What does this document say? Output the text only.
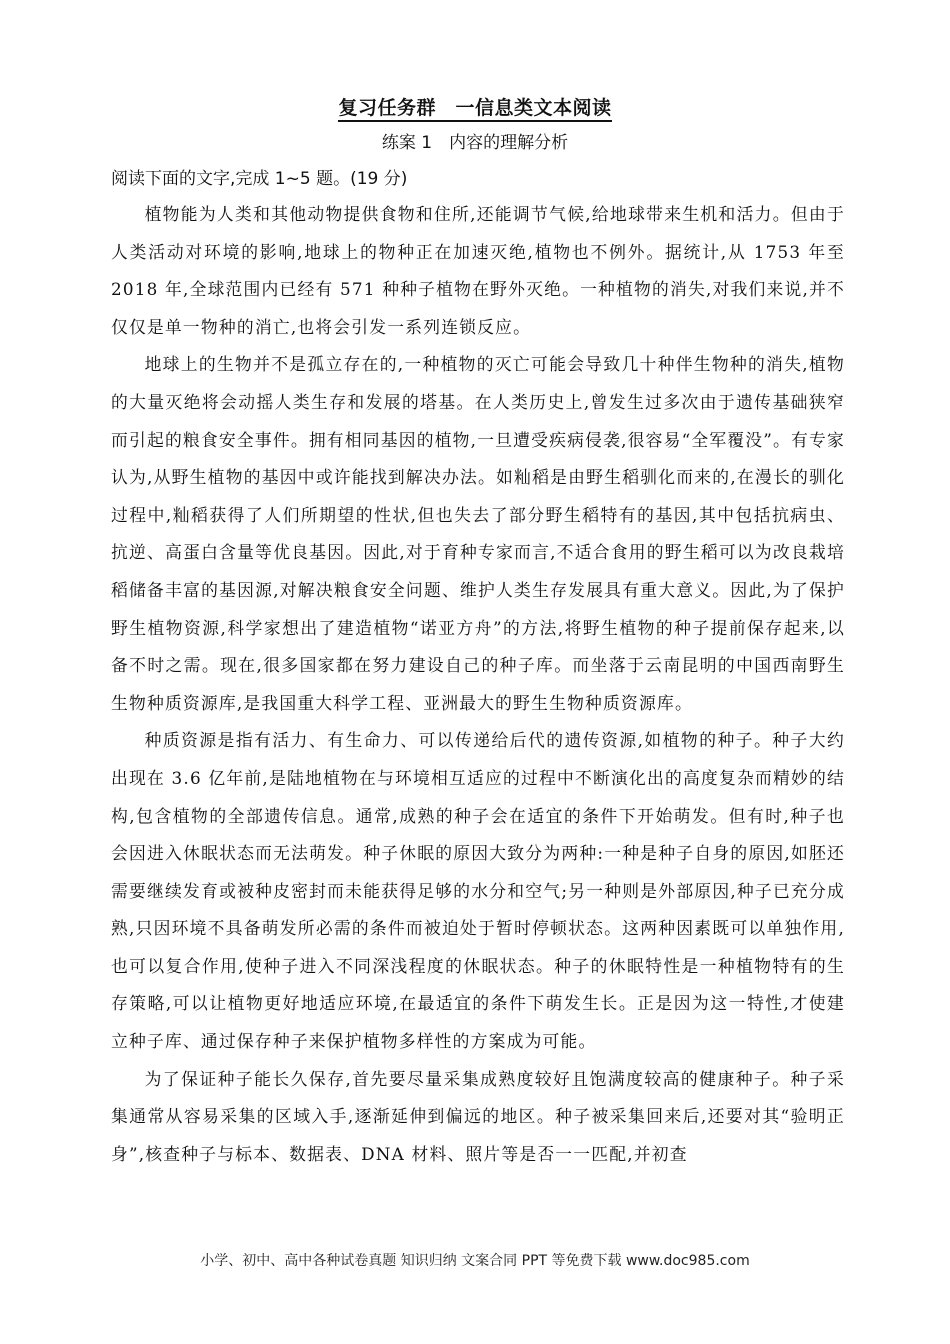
复习任务群　一信息类文本阅读
练案 1　内容的理解分析
阅读下面的文字,完成 1~5 题。(19 分)

植物能为人类和其他动物提供食物和住所,还能调节气候,给地球带来生机和活力。但由于人类活动对环境的影响,地球上的物种正在加速灭绝,植物也不例外。据统计,从 1753 年至 2018 年,全球范围内已经有 571 种种子植物在野外灭绝。一种植物的消失,对我们来说,并不仅仅是单一物种的消亡,也将会引发一系列连锁反应。

地球上的生物并不是孤立存在的,一种植物的灭亡可能会导致几十种伴生物种的消失,植物的大量灭绝将会动摇人类生存和发展的塔基。在人类历史上,曾发生过多次由于遗传基础狭窄而引起的粮食安全事件。拥有相同基因的植物,一旦遭受疾病侵袭,很容易“全军覆没”。有专家认为,从野生植物的基因中或许能找到解决办法。如籼稻是由野生稻驯化而来的,在漫长的驯化过程中,籼稻获得了人们所期望的性状,但也失去了部分野生稻特有的基因,其中包括抗病虫、抗逆、高蛋白含量等优良基因。因此,对于育种专家而言,不适合食用的野生稻可以为改良栽培稻储备丰富的基因源,对解决粮食安全问题、维护人类生存发展具有重大意义。因此,为了保护野生植物资源,科学家想出了建造植物“诺亚方舟”的方法,将野生植物的种子提前保存起来,以备不时之需。现在,很多国家都在努力建设自己的种子库。而坐落于云南昆明的中国西南野生生物种质资源库,是我国重大科学工程、亚洲最大的野生生物种质资源库。

种质资源是指有活力、有生命力、可以传递给后代的遗传资源,如植物的种子。种子大约出现在 3.6 亿年前,是陆地植物在与环境相互适应的过程中不断演化出的高度复杂而精妙的结构,包含植物的全部遗传信息。通常,成熟的种子会在适宜的条件下开始萌发。但有时,种子也会因进入休眠状态而无法萌发。种子休眠的原因大致分为两种:一种是种子自身的原因,如胚还需要继续发育或被种皮密封而未能获得足够的水分和空气;另一种则是外部原因,种子已充分成熟,只因环境不具备萌发所必需的条件而被迫处于暂时停顿状态。这两种因素既可以单独作用,也可以复合作用,使种子进入不同深浅程度的休眠状态。种子的休眠特性是一种植物特有的生存策略,可以让植物更好地适应环境,在最适宜的条件下萌发生长。正是因为这一特性,才使建立种子库、通过保存种子来保护植物多样性的方案成为可能。

为了保证种子能长久保存,首先要尽量采集成熟度较好且饱满度较高的健康种子。种子采集通常从容易采集的区域入手,逐渐延伸到偏远的地区。种子被采集回来后,还要对其“验明正身”,核查种子与标本、数据表、DNA 材料、照片等是否一一匹配,并初查

小学、初中、高中各种试卷真题 知识归纳 文案合同 PPT 等免费下载 www.doc985.com
